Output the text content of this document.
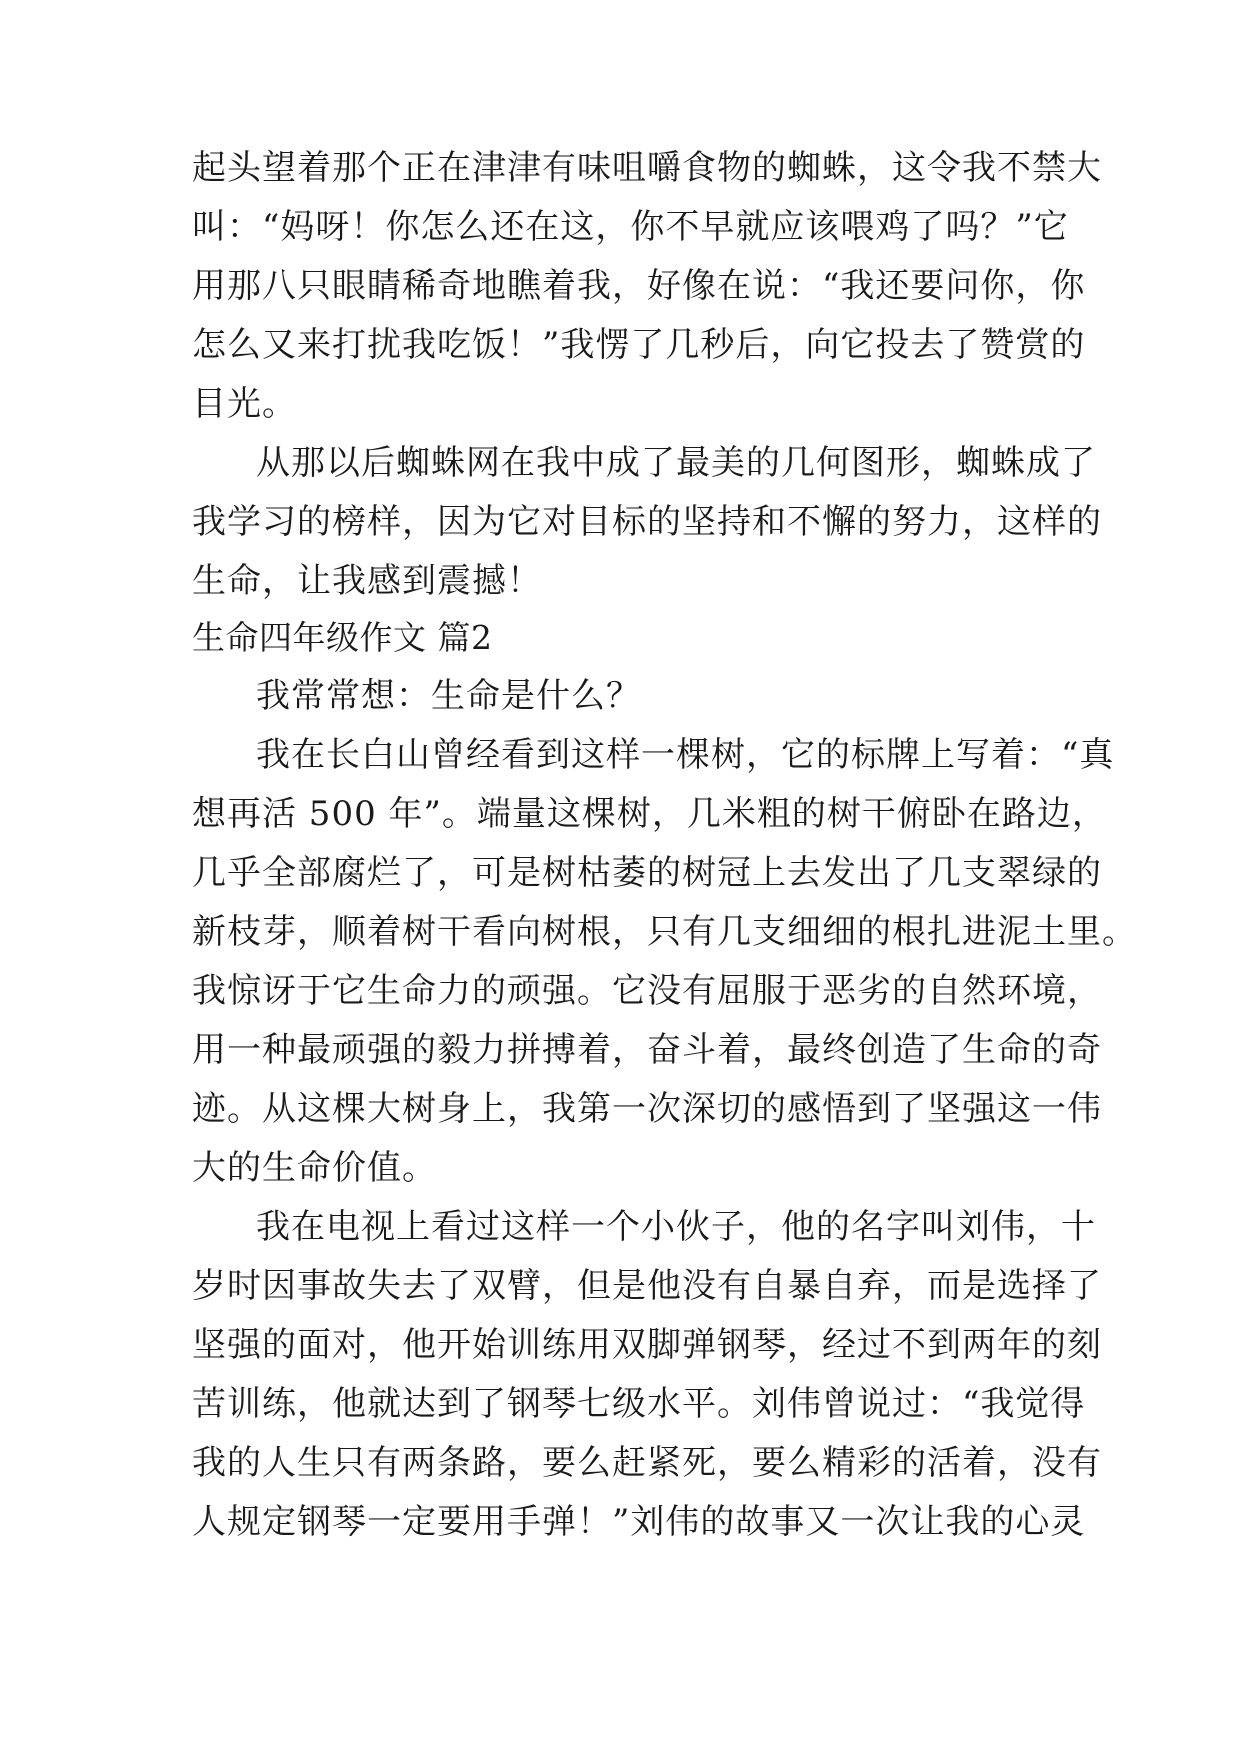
起头望着那个正在津津有味咀嚼食物的蜘蛛，这令我不禁大
叫：“妈呀！你怎么还在这，你不早就应该喂鸡了吗？”它
用那八只眼睛稀奇地瞧着我，好像在说：“我还要问你，你
怎么又来打扰我吃饭！”我愣了几秒后，向它投去了赞赏的
目光。
从那以后蜘蛛网在我中成了最美的几何图形，蜘蛛成了
我学习的榜样，因为它对目标的坚持和不懈的努力，这样的
生命，让我感到震撼！
生命四年级作文 篇2
我常常想：生命是什么？
我在长白山曾经看到这样一棵树，它的标牌上写着：“真
想再活 500 年”。端量这棵树，几米粗的树干俯卧在路边，
几乎全部腐烂了，可是树枯萎的树冠上去发出了几支翠绿的
新枝芽，顺着树干看向树根，只有几支细细的根扎进泥土里。
我惊讶于它生命力的顽强。它没有屈服于恶劣的自然环境，
用一种最顽强的毅力拼搏着，奋斗着，最终创造了生命的奇
迹。从这棵大树身上，我第一次深切的感悟到了坚强这一伟
大的生命价值。
我在电视上看过这样一个小伙子，他的名字叫刘伟，十
岁时因事故失去了双臂，但是他没有自暴自弃，而是选择了
坚强的面对，他开始训练用双脚弹钢琴，经过不到两年的刻
苦训练，他就达到了钢琴七级水平。刘伟曾说过：“我觉得
我的人生只有两条路，要么赶紧死，要么精彩的活着，没有
人规定钢琴一定要用手弹！”刘伟的故事又一次让我的心灵
